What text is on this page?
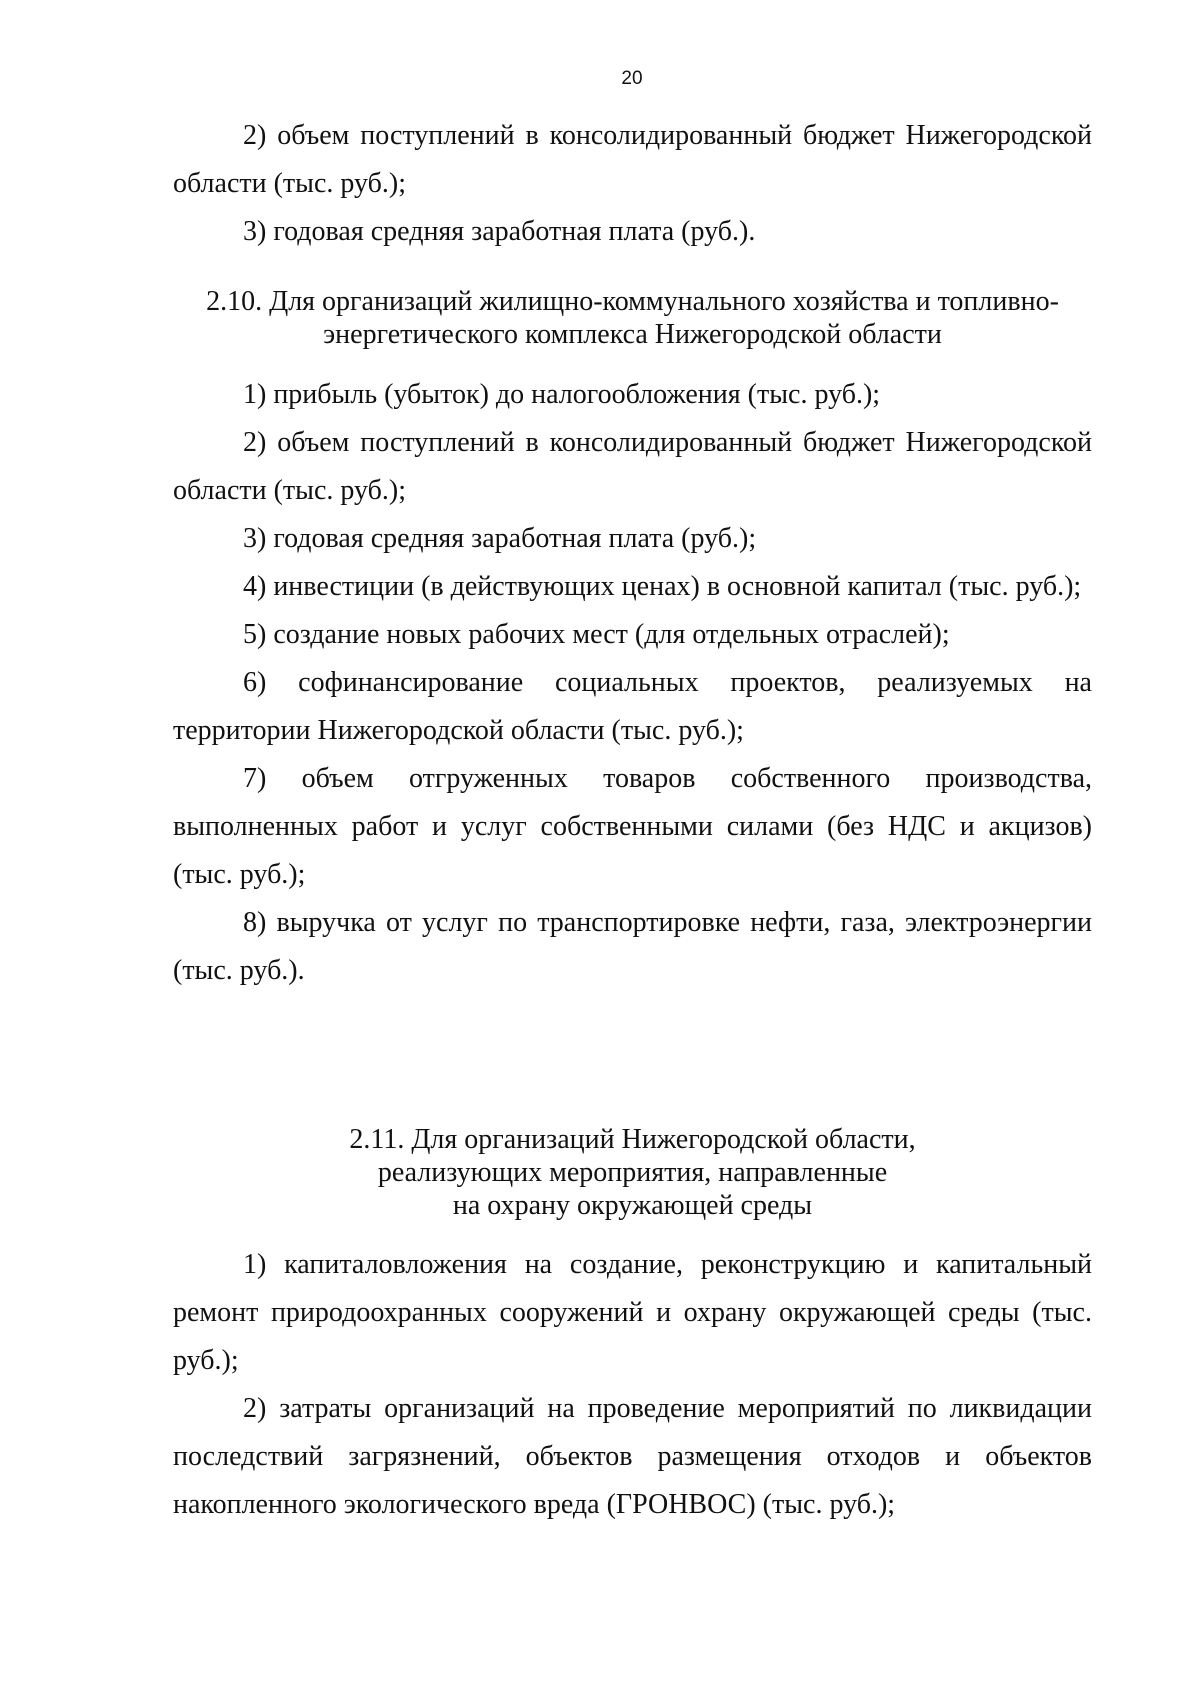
20

2) объем поступлений в консолидированный бюджет Нижегородской области (тыс. руб.);

3) годовая средняя заработная плата (руб.).

2.10. Для организаций жилищно-коммунального хозяйства и топливно-
энергетического комплекса Нижегородской области

1) прибыль (убыток) до налогообложения (тыс. руб.);

2) объем поступлений в консолидированный бюджет Нижегородской области (тыс. руб.);

3) годовая средняя заработная плата (руб.);

4) инвестиции (в действующих ценах) в основной капитал (тыс. руб.);

5) создание новых рабочих мест (для отдельных отраслей);

6) софинансирование социальных проектов, реализуемых на территории Нижегородской области (тыс. руб.);

7) объем отгруженных товаров собственного производства, выполненных работ и услуг собственными силами (без НДС и акцизов) (тыс. руб.);

8) выручка от услуг по транспортировке нефти, газа, электроэнергии (тыс. руб.).

2.11. Для организаций Нижегородской области,
реализующих мероприятия, направленные
на охрану окружающей среды

1) капиталовложения на создание, реконструкцию и капитальный ремонт природоохранных сооружений и охрану окружающей среды (тыс. руб.);

2) затраты организаций на проведение мероприятий по ликвидации последствий загрязнений, объектов размещения отходов и объектов накопленного экологического вреда (ГРОНВОС) (тыс. руб.);
